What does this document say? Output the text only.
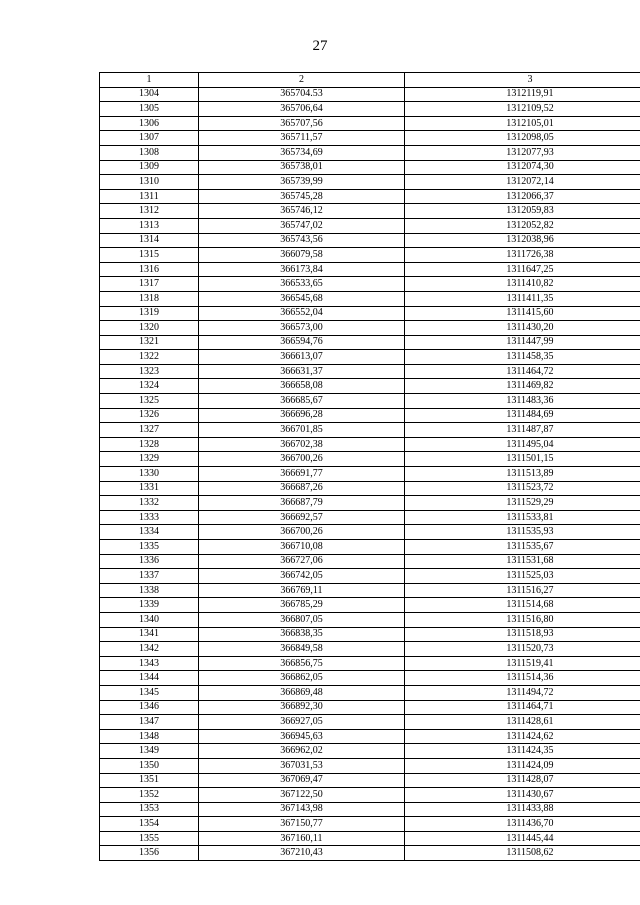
27
1	2	3
1304	365704.53	1312119,91
1305	365706,64	1312109,52
1306	365707,56	1312105,01
1307	365711,57	1312098,05
1308	365734,69	1312077,93
1309	365738,01	1312074,30
1310	365739,99	1312072,14
1311	365745,28	1312066,37
1312	365746,12	1312059,83
1313	365747,02	1312052,82
1314	365743,56	1312038,96
1315	366079,58	1311726,38
1316	366173,84	1311647,25
1317	366533,65	1311410,82
1318	366545,68	1311411,35
1319	366552,04	1311415,60
1320	366573,00	1311430,20
1321	366594,76	1311447,99
1322	366613,07	1311458,35
1323	366631,37	1311464,72
1324	366658,08	1311469,82
1325	366685,67	1311483,36
1326	366696,28	1311484,69
1327	366701,85	1311487,87
1328	366702,38	1311495,04
1329	366700,26	1311501,15
1330	366691,77	1311513,89
1331	366687,26	1311523,72
1332	366687,79	1311529,29
1333	366692,57	1311533,81
1334	366700,26	1311535,93
1335	366710,08	1311535,67
1336	366727,06	1311531,68
1337	366742,05	1311525,03
1338	366769,11	1311516,27
1339	366785,29	1311514,68
1340	366807,05	1311516,80
1341	366838,35	1311518,93
1342	366849,58	1311520,73
1343	366856,75	1311519,41
1344	366862,05	1311514,36
1345	366869,48	1311494,72
1346	366892,30	1311464,71
1347	366927,05	1311428,61
1348	366945,63	1311424,62
1349	366962,02	1311424,35
1350	367031,53	1311424,09
1351	367069,47	1311428,07
1352	367122,50	1311430,67
1353	367143,98	1311433,88
1354	367150,77	1311436,70
1355	367160,11	1311445,44
1356	367210,43	1311508,62
